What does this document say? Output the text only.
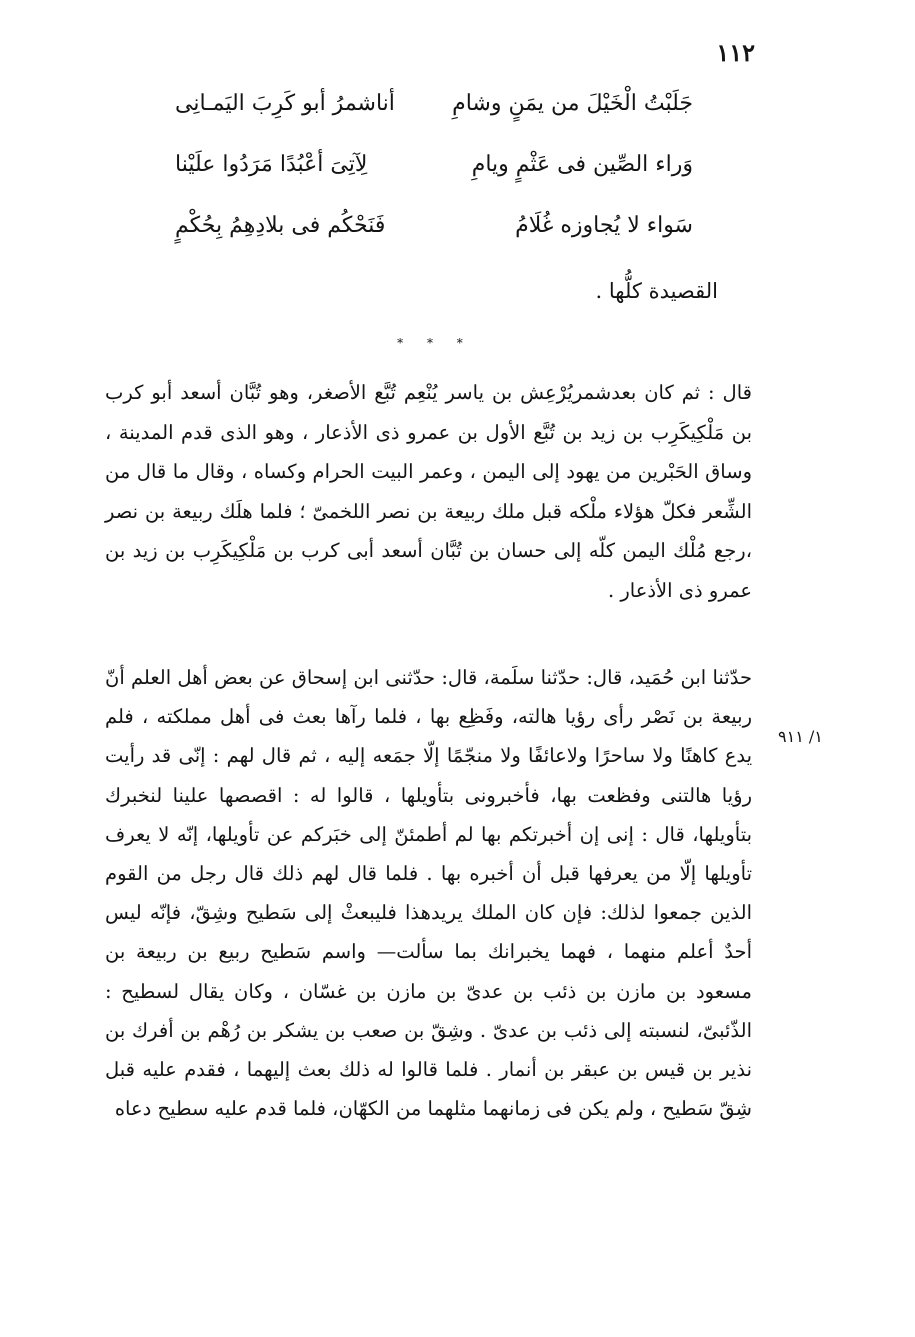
١١٢
جَلَبْتُ الْخَيْلَ من يمَنٍ وشامِ
أناشمرُ أبو كَرِبَ اليَمـانِى
وَراء الصِّين فى عَثْمٍ ويامِ
لِآتِىَ أعْبُدًا مَرَدُوا علَيْنا
سَواء لا يُجاوزه غُلَامُ
فَنَحْكُم فى بلادِهِمُ بِحُكْمٍ
القصيدة كلُّها .
* * *

قال : ثم كان بعدشمريُرْعِش بن ياسر يُنْعِم تُبَّع الأصغر، وهو تُبَّان أسعد أبو كرب بن مَلْكِيكَرِب بن زيد بن تُبَّع الأول بن عمرو ذى الأذعار ، وهو الذى قدم المدينة ، وساق الحَبْرين من يهود إلى اليمن ، وعمر البيت الحرام وكساه ، وقال ما قال من الشِّعر فكلّ هؤلاء ملْكه قبل ملك ربيعة بن نصر اللخمىّ ؛ فلما هلَك ربيعة بن نصر ،رجع مُلْك اليمن كلّه إلى حسان بن تُبَّان أسعد أبى كرب بن مَلْكِيكَرِب بن زيد بن عمرو ذى الأذعار .

حدّثنا ابن حُمَيد، قال: حدّثنا سلَمة، قال: حدّثنى ابن إسحاق عن بعض أهل العلم أنّ ربيعة بن نَصْر رأى رؤيا هالته، وفَظِع بها ، فلما رآها بعث فى أهل مملكته ، فلم يدع كاهنًا ولا ساحرًا ولاعائفًا ولا منجّمًا إلّا جمَعه إليه ، ثم قال لهم : إنّى قد رأيت رؤيا هالتنى وفظعت بها، فأخبرونى بتأويلها ، قالوا له : اقصصها علينا لنخبرك بتأويلها، قال : إنى إن أخبرتكم بها لم أطمئنّ إلى خبَركم عن تأويلها، إنّه لا يعرف تأويلها إلّا من يعرفها قبل أن أخبره بها . فلما قال لهم ذلك قال رجل من القوم الذين جمعوا لذلك: فإن كان الملك يريدهذا فليبعثْ إلى سَطيح وشِقّ، فإنّه ليس أحدٌ أعلم منهما ، فهما يخبرانك بما سألت— واسم سَطيح ربيع بن ربيعة بن مسعود بن مازن بن ذئب بن عدىّ بن مازن بن غسّان ، وكان يقال لسطيح : الذّئبىّ، لنسبته إلى ذئب بن عدىّ . وشِقّ بن صعب بن يشكر بن رُهْم بن أفرك بن نذير بن قيس بن عبقر بن أنمار . فلما قالوا له ذلك بعث إليهما ، فقدم عليه قبل شِقّ سَطيح ، ولم يكن فى زمانهما مثلهما من الكهّان، فلما قدم عليه سطيح دعاه

١/ ٩١١
